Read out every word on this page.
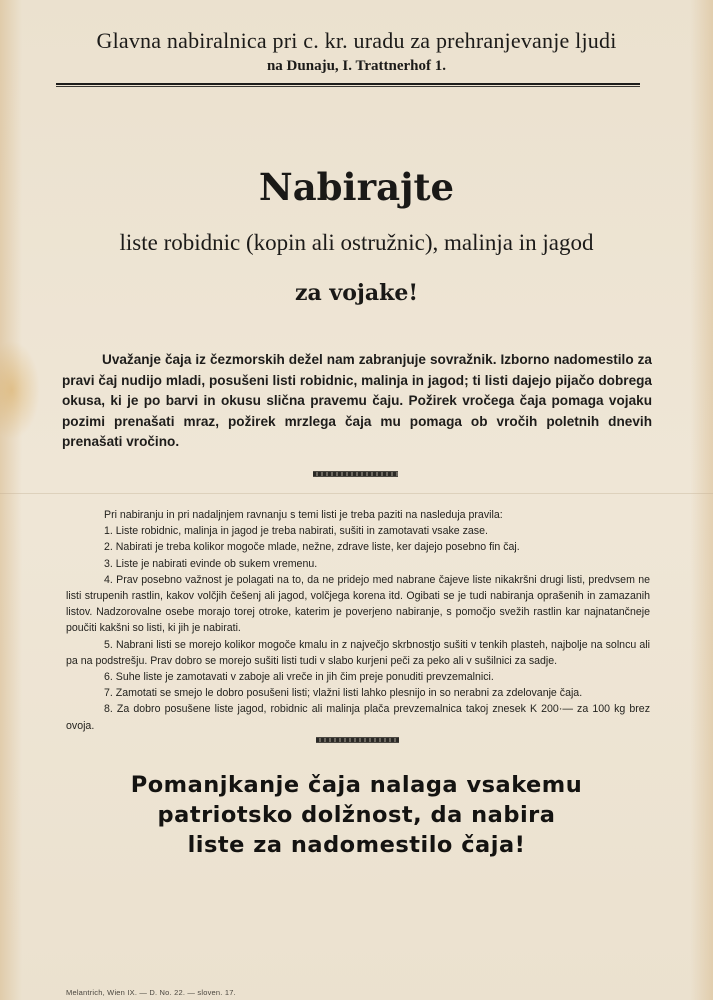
Glavna nabiralnica pri c. kr. uradu za prehranjevanje ljudi
na Dunaju, I. Trattnerhof 1.
Nabirajte
liste robidnic (kopin ali ostružnic), malinja in jagod
za vojake!

Uvažanje čaja iz čezmorskih dežel nam zabranjuje sovražnik. Izborno nadomestilo za pravi čaj nudijo mladi, posušeni listi robidnic, malinja in jagod; ti listi dajejo pijačo dobrega okusa, ki je po barvi in okusu slična pravemu čaju. Požirek vročega čaja pomaga vojaku pozimi prenašati mraz, požirek mrzlega čaja mu pomaga ob vročih poletnih dnevih prenašati vročino.

Pri nabiranju in pri nadaljnjem ravnanju s temi listi je treba paziti na nasleduja pravila:

1. Liste robidnic, malinja in jagod je treba nabirati, sušiti in zamotavati vsake zase.

2. Nabirati je treba kolikor mogoče mlade, nežne, zdrave liste, ker dajejo posebno fin čaj.

3. Liste je nabirati evinde ob sukem vremenu.

4. Prav posebno važnost je polagati na to, da ne pridejo med nabrane čajeve liste nikakršni drugi listi, predvsem ne listi strupenih rastlin, kakov volčjih češenj ali jagod, volčjega korena itd. Ogibati se je tudi nabiranja oprašenih in zamazanih listov. Nadzorovalne osebe morajo torej otroke, katerim je poverjeno nabiranje, s pomočjo svežih rastlin kar najnatančneje poučiti kakšni so listi, ki jih je nabirati.

5. Nabrani listi se morejo kolikor mogoče kmalu in z največjo skrbnostjo sušiti v tenkih plasteh, najbolje na solncu ali pa na podstrešju. Prav dobro se morejo sušiti listi tudi v slabo kurjeni peči za peko ali v sušilnici za sadje.

6. Suhe liste je zamotavati v zaboje ali vreče in jih čim preje ponuditi prevzemalnici.

7. Zamotati se smejo le dobro posušeni listi; vlažni listi lahko plesnijo in so nerabni za zdelovanje čaja.

8. Za dobro posušene liste jagod, robidnic ali malinja plača prevzemalnica takoj znesek K 200·— za 100 kg brez ovoja.

Pomanjkanje čaja nalaga vsakemu
patriotsko dolžnost, da nabira
liste za nadomestilo čaja!
Melantrich, Wien IX. — D. No. 22. — sloven. 17.
